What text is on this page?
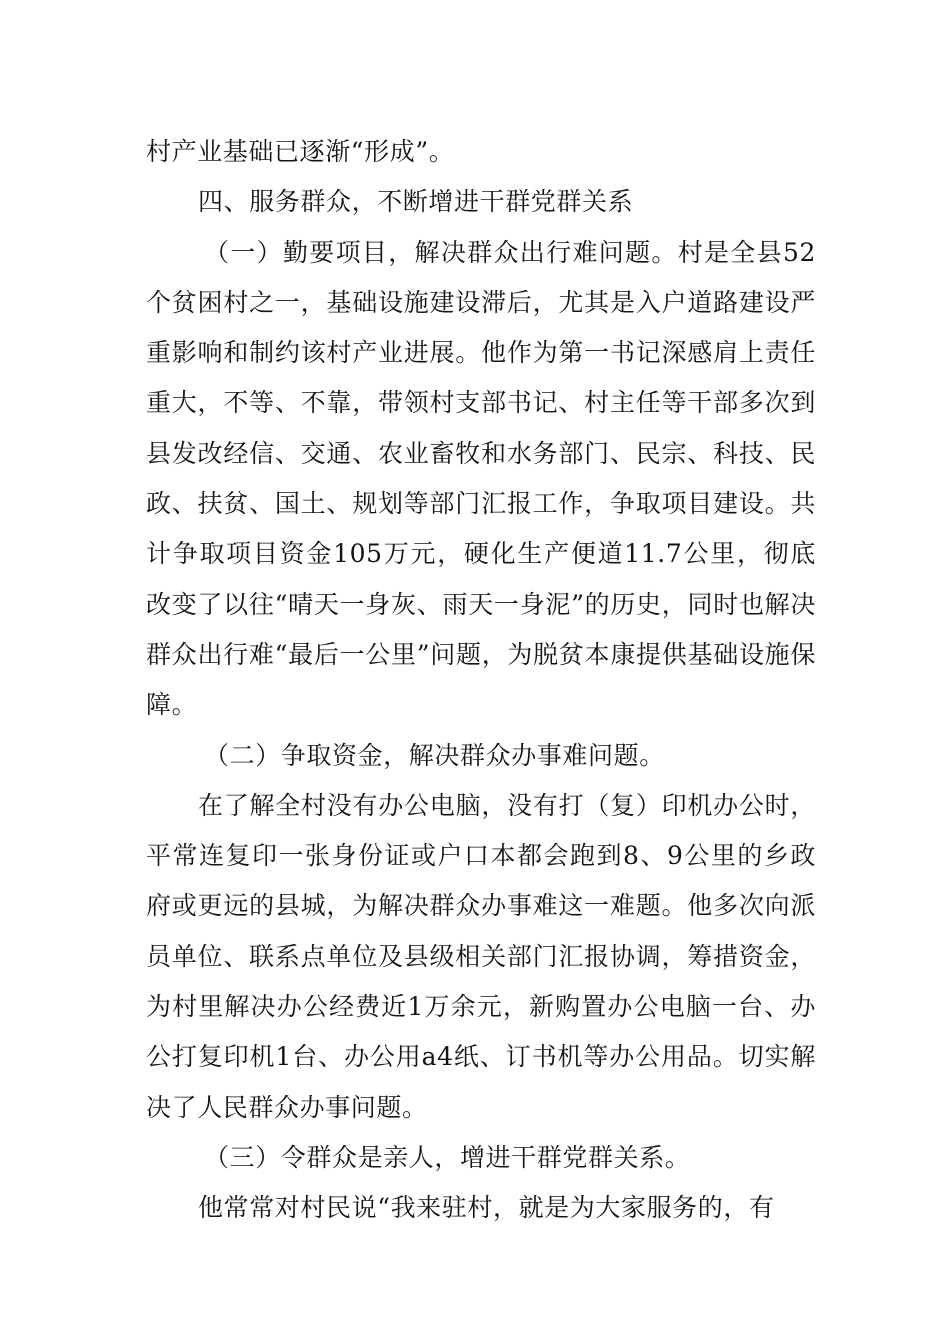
村产业基础已逐渐“形成”。

四、服务群众，不断增进干群党群关系

（一）勤要项目，解决群众出行难问题。村是全县52个贫困村之一，基础设施建设滞后，尤其是入户道路建设严重影响和制约该村产业进展。他作为第一书记深感肩上责任重大，不等、不靠，带领村支部书记、村主任等干部多次到县发改经信、交通、农业畜牧和水务部门、民宗、科技、民政、扶贫、国土、规划等部门汇报工作，争取项目建设。共计争取项目资金105万元，硬化生产便道11.7公里，彻底改变了以往“晴天一身灰、雨天一身泥”的历史，同时也解决群众出行难“最后一公里”问题，为脱贫本康提供基础设施保障。

（二）争取资金，解决群众办事难问题。

在了解全村没有办公电脑，没有打（复）印机办公时，平常连复印一张身份证或户口本都会跑到8、9公里的乡政府或更远的县城，为解决群众办事难这一难题。他多次向派员单位、联系点单位及县级相关部门汇报协调，筹措资金，为村里解决办公经费近1万余元，新购置办公电脑一台、办公打复印机1台、办公用a4纸、订书机等办公用品。切实解决了人民群众办事问题。

（三）令群众是亲人，增进干群党群关系。

他常常对村民说“我来驻村，就是为大家服务的，有
